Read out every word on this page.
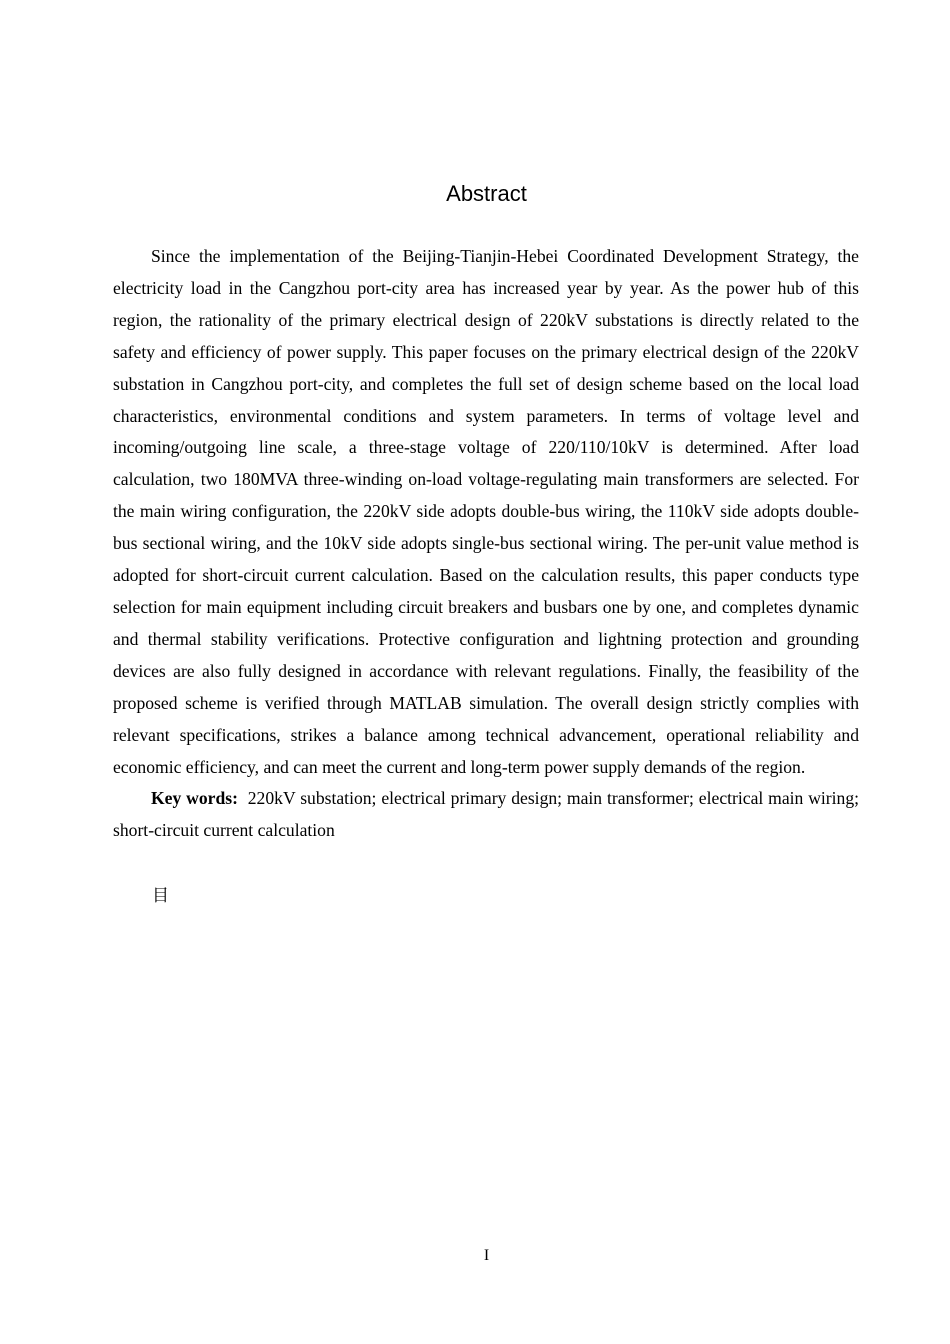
Abstract

Since the implementation of the Beijing-Tianjin-Hebei Coordinated Development Strategy, the electricity load in the Cangzhou port-city area has increased year by year. As the power hub of this region, the rationality of the primary electrical design of 220kV substations is directly related to the safety and efficiency of power supply. This paper focuses on the primary electrical design of the 220kV substation in Cangzhou port-city, and completes the full set of design scheme based on the local load characteristics, environmental conditions and system parameters. In terms of voltage level and incoming/outgoing line scale, a three-stage voltage of 220/110/10kV is determined. After load calculation, two 180MVA three-winding on-load voltage-regulating main transformers are selected. For the main wiring configuration, the 220kV side adopts double-bus wiring, the 110kV side adopts double-bus sectional wiring, and the 10kV side adopts single-bus sectional wiring. The per-unit value method is adopted for short-circuit current calculation. Based on the calculation results, this paper conducts type selection for main equipment including circuit breakers and busbars one by one, and completes dynamic and thermal stability verifications. Protective configuration and lightning protection and grounding devices are also fully designed in accordance with relevant regulations. Finally, the feasibility of the proposed scheme is verified through MATLAB simulation. The overall design strictly complies with relevant specifications, strikes a balance among technical advancement, operational reliability and economic efficiency, and can meet the current and long-term power supply demands of the region.

Key words: 220kV substation; electrical primary design; main transformer; electrical main wiring; short-circuit current calculation

目
I
